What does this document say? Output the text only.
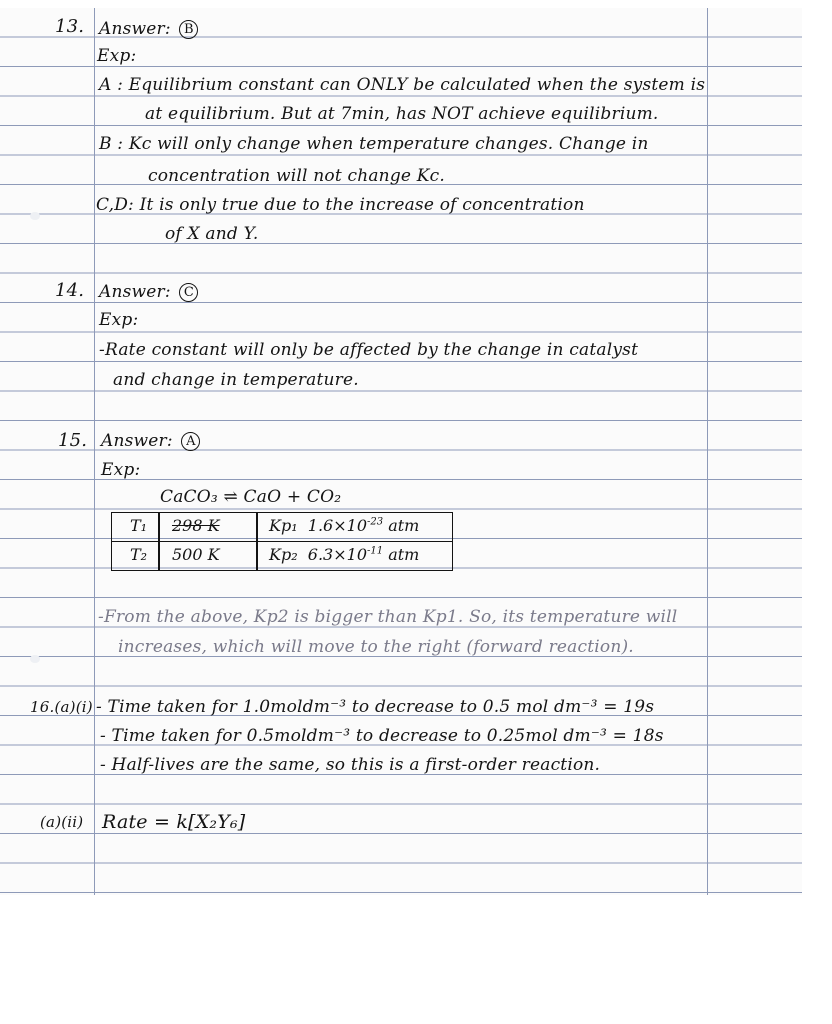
13. Answer: B
Exp:
A : Equilibrium constant can ONLY be calculated when the system is
at equilibrium. But at 7min, has NOT achieve equilibrium.
B : Kc will only change when temperature changes. Change in
concentration will not change Kc.
C,D: It is only true due to the increase of concentration
of X and Y.
14. Answer: C
Exp:
-Rate constant will only be affected by the change in catalyst
and change in temperature.
15. Answer: A
Exp:
CaCO₃ ⇌ CaO + CO₂
T₁ 298 K	Kp₁ $1.6\times 10^{-23}$ atm
T₂ 500 K	Kp₂ $6.3\times 10^{-11}$ atm
-From the above, Kp2 is bigger than Kp1. So, its temperature will
increases, which will move to the right (forward reaction).
16.(a)(i) - Time taken for 1.0moldm⁻³ to decrease to 0.5 mol dm⁻³ = 19s
- Time taken for 0.5moldm⁻³ to decrease to 0.25mol dm⁻³ = 18s
- Half-lives are the same, so this is a first-order reaction.
(a)(ii) Rate = k[X₂Y₆]
